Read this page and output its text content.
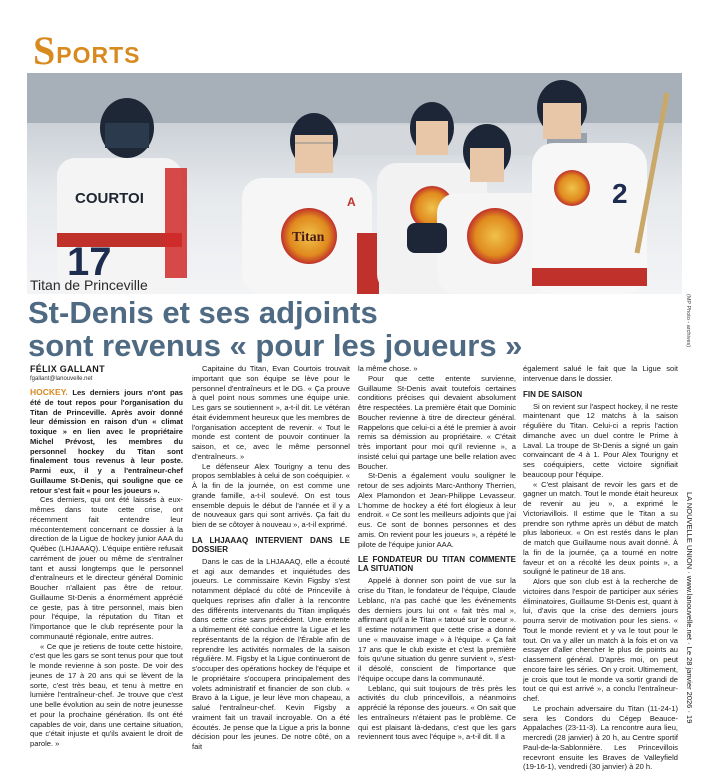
S PORTS
COURTOI
17
Titan
A	2
(MP Photo - archives)
Titan de Princeville
St-Denis et ses adjoints
sont revenus « pour les joueurs »
FÉLIX GALLANT
fgallant@lanouvelle.net

HOCKEY. Les derniers jours n'ont pas été de tout repos pour l'organisation du Titan de Princeville. Après avoir donné leur démission en raison d'un « climat toxique » en lien avec le propriétaire Michel Prévost, les membres du personnel hockey du Titan sont finalement tous revenus à leur poste. Parmi eux, il y a l'entraîneur-chef Guillaume St-Denis, qui souligne que ce retour s'est fait « pour les joueurs ».

Ces derniers, qui ont été laissés à eux-mêmes dans toute cette crise, ont récemment fait entendre leur mécontentement concernant ce dossier à la direction de la Ligue de hockey junior AAA du Québec (LHJAAAQ). L'équipe entière refusait carrément de jouer ou même de s'entraîner tant et aussi longtemps que le personnel d'entraîneurs et le directeur général Dominic Boucher n'allaient pas être de retour. Guillaume St-Denis a énormément apprécié ce geste, pas à titre personnel, mais bien pour l'équipe, la réputation du Titan et l'importance que le club représente pour la communauté régionale, entre autres.

« Ce que je retiens de toute cette histoire, c'est que les gars se sont tenus pour que tout le monde revienne à son poste. De voir des jeunes de 17 à 20 ans qui se lèvent de la sorte, c'est très beau, et tenu à mettre en lumière l'entraîneur-chef. Je trouve que c'est une belle évolution au sein de notre jeunesse et pour la prochaine génération. Ils ont été capables de voir, dans une certaine situation, que c'était injuste et qu'ils avaient le droit de parole. »

Capitaine du Titan, Evan Courtois trouvait important que son équipe se lève pour le personnel d'entraîneurs et le DG. « Ça prouve à quel point nous sommes une équipe unie. Les gars se soutiennent », a-t-il dit. Le vétéran était évidemment heureux que les membres de l'organisation acceptent de revenir. « Tout le monde est content de pouvoir continuer la saison, et ce, avec le même personnel d'entraîneurs. »

Le défenseur Alex Tourigny a tenu des propos semblables à celui de son coéquipier. « À la fin de la journée, on est comme une grande famille, a-t-il soulevé. On est tous ensemble depuis le début de l'année et il y a de nouveaux gars qui sont arrivés. Ça fait du bien de se côtoyer à nouveau », a-t-il exprimé.

LA LHJAAAQ INTERVIENT DANS LE DOSSIER

Dans le cas de la LHJAAAQ, elle a écouté et agi aux demandes et inquiétudes des joueurs. Le commissaire Kevin Figsby s'est notamment déplacé du côté de Princeville à quelques reprises afin d'aller à la rencontre des différents intervenants du Titan impliqués dans cette crise sans précédent. Une entente a ultimement été conclue entre la Ligue et les représentants de la région de l'Érable afin de reprendre les activités normales de la saison régulière. M. Figsby et la Ligue continueront de s'occuper des opérations hockey de l'équipe et le propriétaire s'occupera principalement des volets administratif et financier de son club. « Bravo à la Ligue, je leur lève mon chapeau, a salué l'entraîneur-chef. Kevin Figsby a vraiment fait un travail incroyable. On a été écoutés. Je pense que la Ligue a pris la bonne décision pour les jeunes. De notre côté, on a fait

la même chose. »

Pour que cette entente survienne, Guillaume St-Denis avait toutefois certaines conditions précises qui devaient absolument être respectées. La première était que Dominic Boucher revienne à titre de directeur général. Rappelons que celui-ci a été le premier à avoir remis sa démission au propriétaire. « C'était très important pour moi qu'il revienne », a insisté celui qui partage une belle relation avec Boucher.

St-Denis a également voulu souligner le retour de ses adjoints Marc-Anthony Therrien, Alex Plamondon et Jean-Philippe Levasseur. L'homme de hockey a été fort élogieux à leur endroit. « Ce sont les meilleurs adjoints que j'ai eus. Ce sont de bonnes personnes et des amis. On revient pour les joueurs », a répété le pilote de l'équipe junior AAA.

LE FONDATEUR DU TITAN COMMENTE LA SITUATION

Appelé à donner son point de vue sur la crise du Titan, le fondateur de l'équipe, Claude Leblanc, n'a pas caché que les événements des derniers jours lui ont « fait très mal », affirmant qu'il a le Titan « tatoué sur le coeur ». Il estime notamment que cette crise a donné une « mauvaise image » à l'équipe. « Ça fait 17 ans que le club existe et c'est la première fois qu'une situation du genre survient », s'est-il désolé, conscient de l'importance que l'équipe occupe dans la communauté.

Leblanc, qui suit toujours de très près les activités du club princevillois, a néanmoins apprécié la réponse des joueurs. « On sait que les entraîneurs n'étaient pas le problème. Ce qui est plaisant là-dedans, c'est que les gars reviennent tous avec l'équipe », a-t-il dit. Il a

également salué le fait que la Ligue soit intervenue dans le dossier.

FIN DE SAISON

Si on revient sur l'aspect hockey, il ne reste maintenant que 12 matchs à la saison régulière du Titan. Celui-ci a repris l'action dimanche avec un duel contre le Prime à Laval. La troupe de St-Denis a signé un gain convaincant de 4 à 1. Pour Alex Tourigny et ses coéquipiers, cette victoire signifiait beaucoup pour l'équipe.

« C'est plaisant de revoir les gars et de gagner un match. Tout le monde était heureux de revenir au jeu », a exprimé le Victoriavillois. Il estime que le Titan a su prendre son rythme après un début de match plus laborieux. « On est restés dans le plan de match que Guillaume nous avait donné. À la fin de la journée, ça a tourné en notre faveur et on a récolté les deux points », a souligné le patineur de 18 ans.

Alors que son club est à la recherche de victoires dans l'espoir de participer aux séries éliminatoires, Guillaume St-Denis est, quant à lui, d'avis que la crise des derniers jours pourra servir de motivation pour les siens. « Tout le monde revient et y va le tout pour le tout. On va y aller un match à la fois et on va essayer d'aller chercher le plus de points au classement général. D'après moi, on peut encore faire les séries. On y croit. Ultimement, je crois que tout le monde va sortir grandi de tout ce qui est arrivé », a conclu l'entraîneur-chef.

Le prochain adversaire du Titan (11-24-1) sera les Condors du Cégep Beauce-Appalaches (23-11-3). La rencontre aura lieu, mercredi (28 janvier) à 20 h, au Centre sportif Paul-de-la-Sablonnière. Les Princevillois recevront ensuite les Braves de Valleyfield (19-16-1), vendredi (30 janvier) à 20 h.

LA NOUVELLE UNION · www.lanouvelle.net · Le 28 janvier 2026 · 19
